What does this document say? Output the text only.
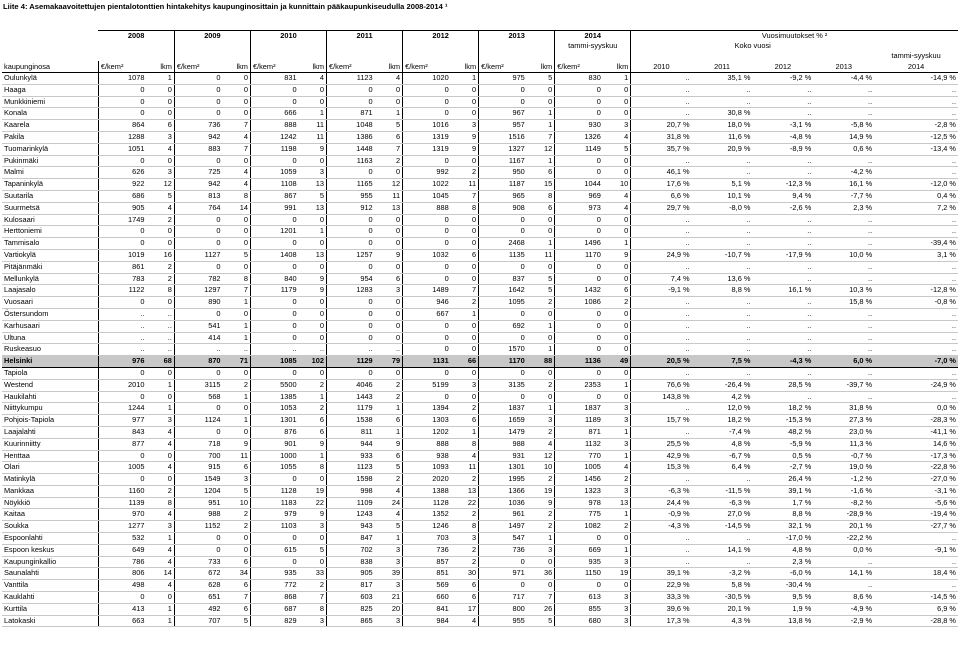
Liite 4: Asemakaavoitettujen pientalotonttien hintakehitys kaupunginosittain ja kunnittain pääkaupunkiseudulla 2008-2014 ¹
	2008		2009		2010		2011		2012		2013		2014		Vuosimuutokset % ²				
													tammi-syyskuu		Koko vuosi				
																			tammi-syyskuu
kaupunginosa	€/kem²	lkm	€/kem²	lkm	€/kem²	lkm	€/kem²	lkm	€/kem²	lkm	€/kem²	lkm	€/kem²	lkm	2010	2011	2012	2013	2014
Oulunkylä	1078	1	0	0	831	4	1123	4	1020	1	975	5	830	1	..	35,1 %	-9,2 %	-4,4 %	-14,9 %
Haaga	0	0	0	0	0	0	0	0	0	0	0	0	0	0	..	..	..	..	..
Munkkiniemi	0	0	0	0	0	0	0	0	0	0	0	0	0	0	..	..	..	..	..
Konala	0	0	0	0	666	1	871	1	0	0	967	1	0	0	..	30,8 %	..	..	..
Kaarela	864	6	736	7	888	11	1048	5	1016	3	957	1	930	3	20,7 %	18,0 %	-3,1 %	-5,8 %	-2,8 %
Pakila	1288	3	942	4	1242	11	1386	6	1319	9	1516	7	1326	4	31,8 %	11,6 %	-4,8 %	14,9 %	-12,5 %
Tuomarinkylä	1051	4	883	7	1198	9	1448	7	1319	9	1327	12	1149	5	35,7 %	20,9 %	-8,9 %	0,6 %	-13,4 %
Pukinmäki	0	0	0	0	0	0	1163	2	0	0	1167	1	0	0	..	..	..	..	..
Malmi	626	3	725	4	1059	3	0	0	992	2	950	6	0	0	46,1 %	..	..	-4,2 %	..
Tapaninkylä	922	12	942	4	1108	13	1165	12	1022	11	1187	15	1044	10	17,6 %	5,1 %	-12,3 %	16,1 %	-12,0 %
Suutarila	686	5	813	8	867	5	955	11	1045	7	965	8	969	4	6,6 %	10,1 %	9,4 %	-7,7 %	0,4 %
Suurmetsä	905	4	764	14	991	13	912	13	888	8	908	6	973	4	29,7 %	-8,0 %	-2,6 %	2,3 %	7,2 %
Kulosaari	1749	2	0	0	0	0	0	0	0	0	0	0	0	0	..	..	..	..	..
Herttoniemi	0	0	0	0	1201	1	0	0	0	0	0	0	0	0	..	..	..	..	..
Tammisalo	0	0	0	0	0	0	0	0	0	0	2468	1	1496	1	..	..	..	..	-39,4 %
Vartiokylä	1019	16	1127	5	1408	13	1257	9	1032	6	1135	11	1170	9	24,9 %	-10,7 %	-17,9 %	10,0 %	3,1 %
Pitäjänmäki	861	2	0	0	0	0	0	0	0	0	0	0	0	0	..	..	..	..	..
Mellunkylä	783	2	782	8	840	9	954	6	0	0	837	5	0	0	7,4 %	13,6 %	..	..	..
Laajasalo	1122	8	1297	7	1179	9	1283	3	1489	7	1642	5	1432	6	-9,1 %	8,8 %	16,1 %	10,3 %	-12,8 %
Vuosaari	0	0	890	1	0	0	0	0	946	2	1095	2	1086	2	..	..	..	15,8 %	-0,8 %
Östersundom	..	..	0	0	0	0	0	0	667	1	0	0	0	0	..	..	..	..	..
Karhusaari	..	..	541	1	0	0	0	0	0	0	692	1	0	0	..	..	..	..	..
Ultuna	..	..	414	1	0	0	0	0	0	0	0	0	0	0	..	..	..	..	..
Ruskeasuo	..	..	..	..	..	..	..	..	0	0	1570	1	0	0	..	..	..	..	..
Helsinki	976	68	870	71	1085	102	1129	79	1131	66	1170	88	1136	49	20,5 %	7,5 %	-4,3 %	6,0 %	-7,0 %
Tapiola	0	0	0	0	0	0	0	0	0	0	0	0	0	0	..	..	..	..	..
Westend	2010	1	3115	2	5500	2	4046	2	5199	3	3135	2	2353	1	76,6 %	-26,4 %	28,5 %	-39,7 %	-24,9 %
Haukilahti	0	0	568	1	1385	1	1443	2	0	0	0	0	0	0	143,8 %	4,2 %	..	..	..
Niittykumpu	1244	1	0	0	1053	2	1179	1	1394	2	1837	1	1837	3	..	12,0 %	18,2 %	31,8 %	0,0 %
Pohjois-Tapiola	977	3	1124	1	1301	6	1538	6	1303	6	1659	3	1189	3	15,7 %	18,2 %	-15,3 %	27,3 %	-28,3 %
Laajalahti	843	4	0	0	876	6	811	1	1202	1	1479	2	871	1	..	-7,4 %	48,2 %	23,0 %	-41,1 %
Kuurinniitty	877	4	718	9	901	9	944	9	888	8	988	4	1132	3	25,5 %	4,8 %	-5,9 %	11,3 %	14,6 %
Henttaa	0	0	700	11	1000	1	933	6	938	4	931	12	770	1	42,9 %	-6,7 %	0,5 %	-0,7 %	-17,3 %
Olari	1005	4	915	6	1055	8	1123	5	1093	11	1301	10	1005	4	15,3 %	6,4 %	-2,7 %	19,0 %	-22,8 %
Matinkylä	0	0	1549	3	0	0	1598	2	2020	2	1995	2	1456	2	..	..	26,4 %	-1,2 %	-27,0 %
Mankkaa	1160	2	1204	5	1128	19	998	4	1388	13	1366	19	1323	3	-6,3 %	-11,5 %	39,1 %	-1,6 %	-3,1 %
Nöykkiö	1139	8	951	10	1183	22	1109	24	1128	22	1036	9	978	13	24,4 %	-6,3 %	1,7 %	-8,2 %	-5,6 %
Kaitaa	970	4	988	2	979	9	1243	4	1352	2	961	2	775	1	-0,9 %	27,0 %	8,8 %	-28,9 %	-19,4 %
Soukka	1277	3	1152	2	1103	3	943	5	1246	8	1497	2	1082	2	-4,3 %	-14,5 %	32,1 %	20,1 %	-27,7 %
Espoonlahti	532	1	0	0	0	0	847	1	703	3	547	1	0	0	..	..	-17,0 %	-22,2 %	..
Espoon keskus	649	4	0	0	615	5	702	3	736	2	736	3	669	1	..	14,1 %	4,8 %	0,0 %	-9,1 %
Kaupunginkallio	786	4	733	6	0	0	838	3	857	2	0	0	935	3	..	..	2,3 %	..	..
Saunalahti	806	14	672	34	935	33	905	39	851	30	971	36	1150	19	39,1 %	-3,2 %	-6,0 %	14,1 %	18,4 %
Vanttila	498	4	628	6	772	2	817	3	569	6	0	0	0	0	22,9 %	5,8 %	-30,4 %	..	..
Kauklahti	0	0	651	7	868	7	603	21	660	6	717	7	613	3	33,3 %	-30,5 %	9,5 %	8,6 %	-14,5 %
Kurttila	413	1	492	6	687	8	825	20	841	17	800	26	855	3	39,6 %	20,1 %	1,9 %	-4,9 %	6,9 %
Latokaski	663	1	707	5	829	3	865	3	984	4	955	5	680	3	17,3 %	4,3 %	13,8 %	-2,9 %	-28,8 %
